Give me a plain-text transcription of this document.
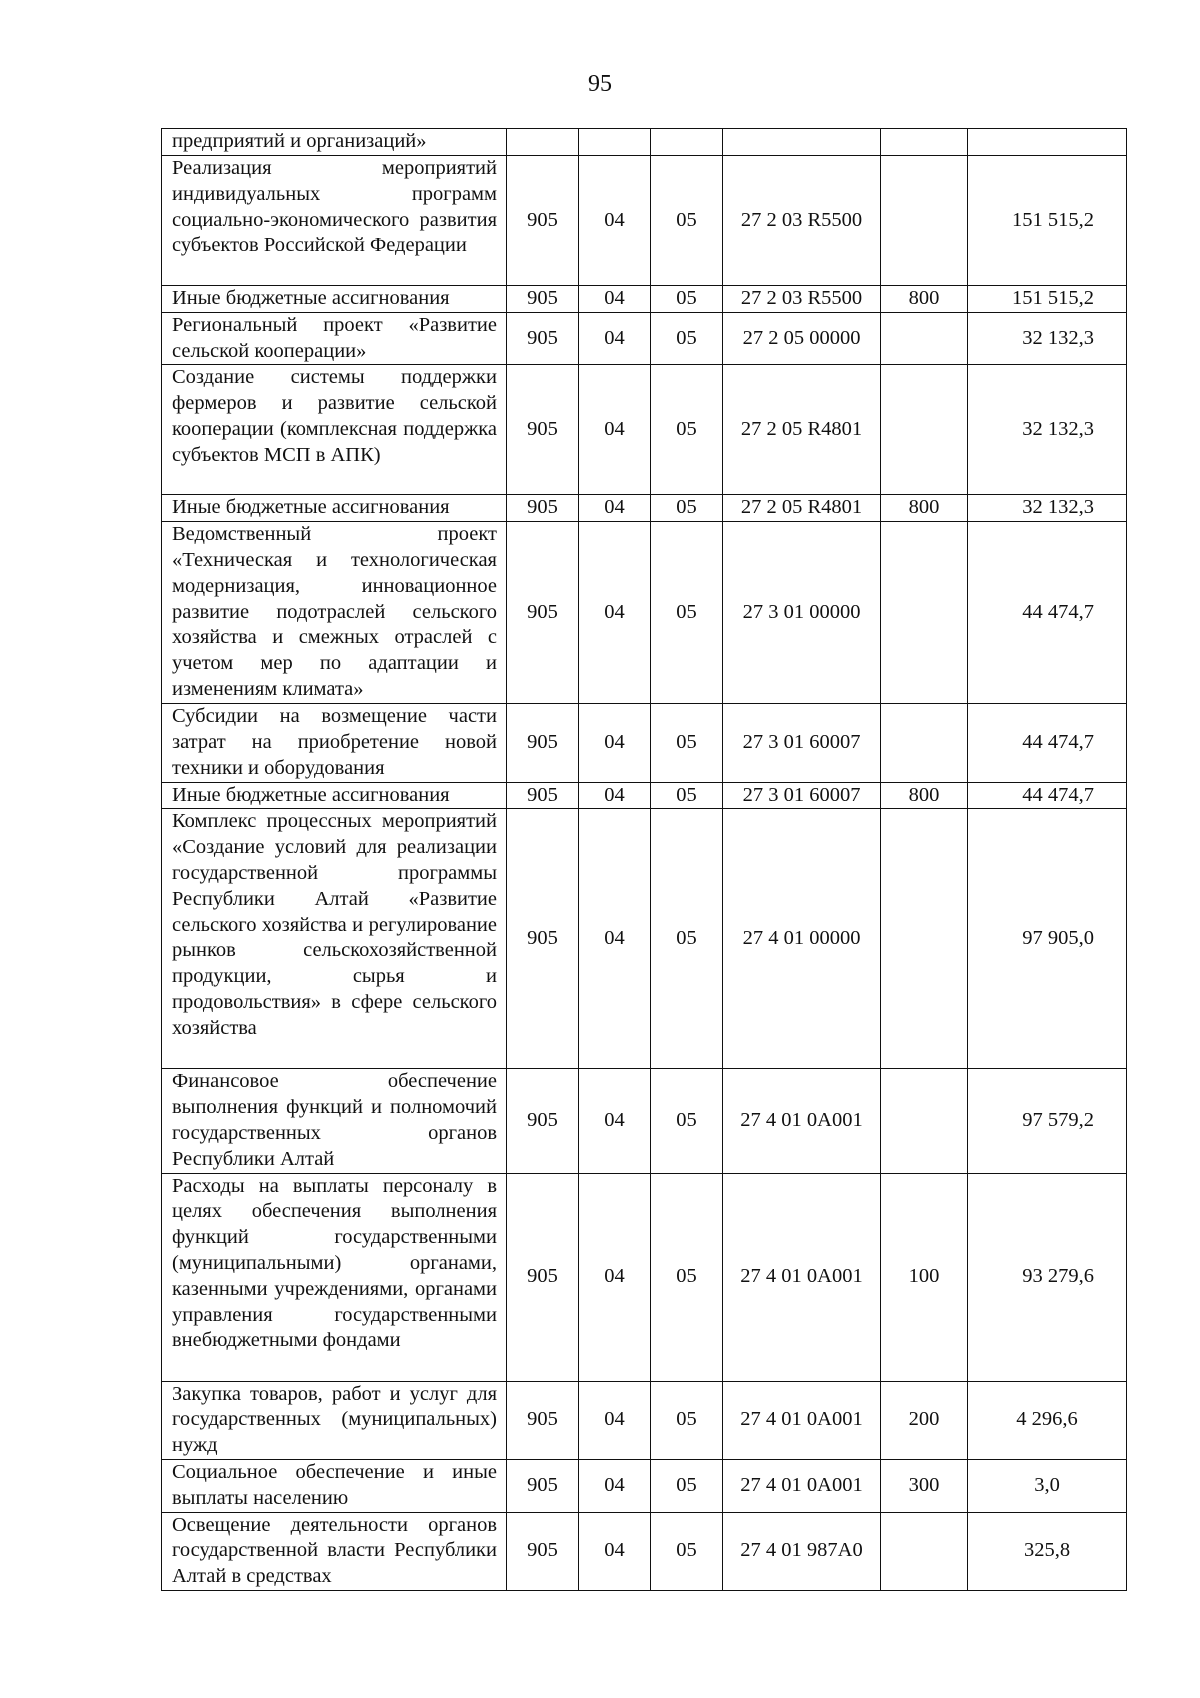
95
предприятий и организаций»						
Реализация мероприятий индивидуальных программ социально-экономического развития субъектов Российской Федерации	905	04	05	27 2 03 R5500		151 515,2
Иные бюджетные ассигнования	905	04	05	27 2 03 R5500	800	151 515,2
Региональный проект «Развитие сельской кооперации»	905	04	05	27 2 05 00000		32 132,3
Создание системы поддержки фермеров и развитие сельской кооперации (комплексная поддержка субъектов МСП в АПК)	905	04	05	27 2 05 R4801		32 132,3
Иные бюджетные ассигнования	905	04	05	27 2 05 R4801	800	32 132,3
Ведомственный проект «Техническая и технологическая модернизация, инновационное развитие подотраслей сельского хозяйства и смежных отраслей с учетом мер по адаптации и изменениям климата»	905	04	05	27 3 01 00000		44 474,7
Субсидии на возмещение части затрат на приобретение новой техники и оборудования	905	04	05	27 3 01 60007		44 474,7
Иные бюджетные ассигнования	905	04	05	27 3 01 60007	800	44 474,7
Комплекс процессных мероприятий «Создание условий для реализации государственной программы Республики Алтай «Развитие сельского хозяйства и регулирование рынков сельскохозяйственной продукции, сырья и продовольствия» в сфере сельского хозяйства	905	04	05	27 4 01 00000		97 905,0
Финансовое обеспечение выполнения функций и полномочий государственных органов Республики Алтай	905	04	05	27 4 01 0А001		97 579,2
Расходы на выплаты персоналу в целях обеспечения выполнения функций государственными (муниципальными) органами, казенными учреждениями, органами управления государственными внебюджетными фондами	905	04	05	27 4 01 0А001	100	93 279,6
Закупка товаров, работ и услуг для государственных (муниципальных) нужд	905	04	05	27 4 01 0А001	200	4 296,6
Социальное обеспечение и иные выплаты населению	905	04	05	27 4 01 0А001	300	3,0
Освещение деятельности органов государственной власти Республики Алтай в средствах	905	04	05	27 4 01 987А0		325,8
